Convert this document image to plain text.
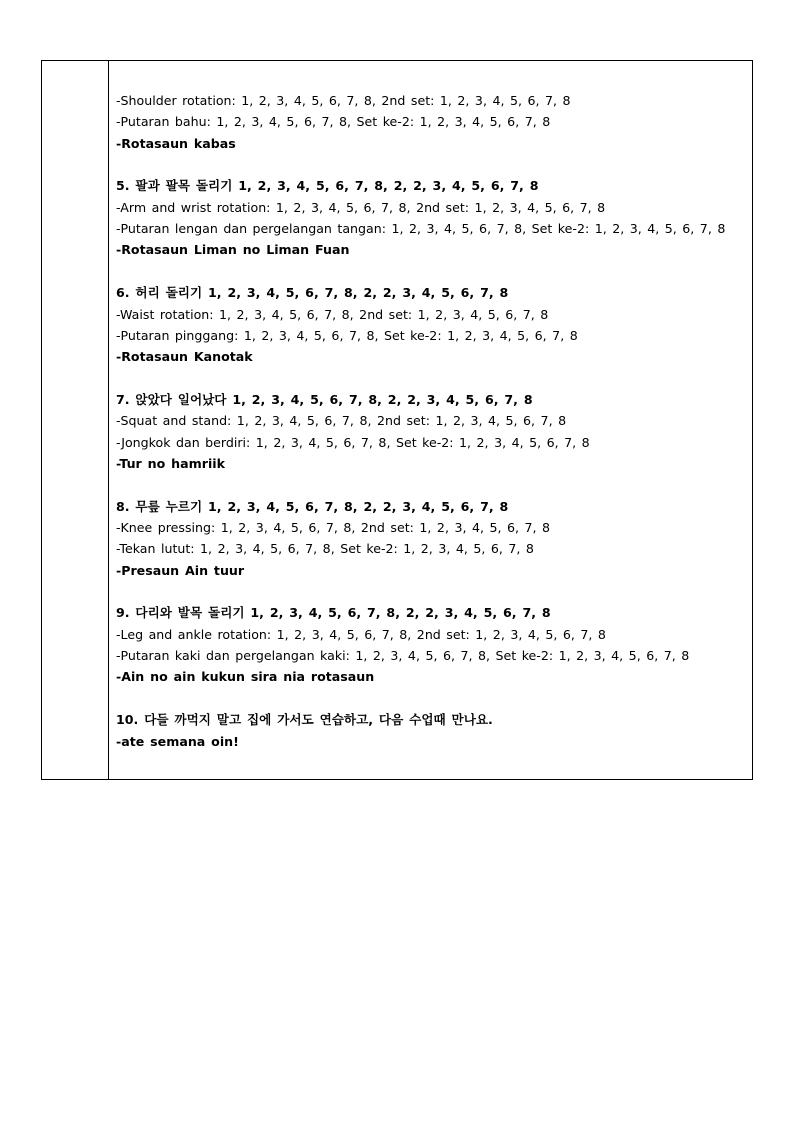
-Shoulder rotation: 1, 2, 3, 4, 5, 6, 7, 8, 2nd set: 1, 2, 3, 4, 5, 6, 7, 8
-Putaran bahu: 1, 2, 3, 4, 5, 6, 7, 8, Set ke-2: 1, 2, 3, 4, 5, 6, 7, 8
-Rotasaun kabas
5. 팔과 팔목 돌리기 1, 2, 3, 4, 5, 6, 7, 8, 2, 2, 3, 4, 5, 6, 7, 8
-Arm and wrist rotation: 1, 2, 3, 4, 5, 6, 7, 8, 2nd set: 1, 2, 3, 4, 5, 6, 7, 8
-Putaran lengan dan pergelangan tangan: 1, 2, 3, 4, 5, 6, 7, 8, Set ke-2: 1, 2, 3, 4, 5, 6, 7, 8
-Rotasaun Liman no Liman Fuan
6. 허리 돌리기 1, 2, 3, 4, 5, 6, 7, 8, 2, 2, 3, 4, 5, 6, 7, 8
-Waist rotation: 1, 2, 3, 4, 5, 6, 7, 8, 2nd set: 1, 2, 3, 4, 5, 6, 7, 8
-Putaran pinggang: 1, 2, 3, 4, 5, 6, 7, 8, Set ke-2: 1, 2, 3, 4, 5, 6, 7, 8
-Rotasaun Kanotak
7. 앉았다 일어났다 1, 2, 3, 4, 5, 6, 7, 8, 2, 2, 3, 4, 5, 6, 7, 8
-Squat and stand: 1, 2, 3, 4, 5, 6, 7, 8, 2nd set: 1, 2, 3, 4, 5, 6, 7, 8
-Jongkok dan berdiri: 1, 2, 3, 4, 5, 6, 7, 8, Set ke-2: 1, 2, 3, 4, 5, 6, 7, 8
-Tur no hamriik
8. 무릎 누르기 1, 2, 3, 4, 5, 6, 7, 8, 2, 2, 3, 4, 5, 6, 7, 8
-Knee pressing: 1, 2, 3, 4, 5, 6, 7, 8, 2nd set: 1, 2, 3, 4, 5, 6, 7, 8
-Tekan lutut: 1, 2, 3, 4, 5, 6, 7, 8, Set ke-2: 1, 2, 3, 4, 5, 6, 7, 8
-Presaun Ain tuur
9. 다리와 발목 돌리기 1, 2, 3, 4, 5, 6, 7, 8, 2, 2, 3, 4, 5, 6, 7, 8
-Leg and ankle rotation: 1, 2, 3, 4, 5, 6, 7, 8, 2nd set: 1, 2, 3, 4, 5, 6, 7, 8
-Putaran kaki dan pergelangan kaki: 1, 2, 3, 4, 5, 6, 7, 8, Set ke-2: 1, 2, 3, 4, 5, 6, 7, 8
-Ain no ain kukun sira nia rotasaun
10. 다들 까먹지 말고 집에 가서도 연습하고, 다음 수업때 만나요.
-ate semana oin!
